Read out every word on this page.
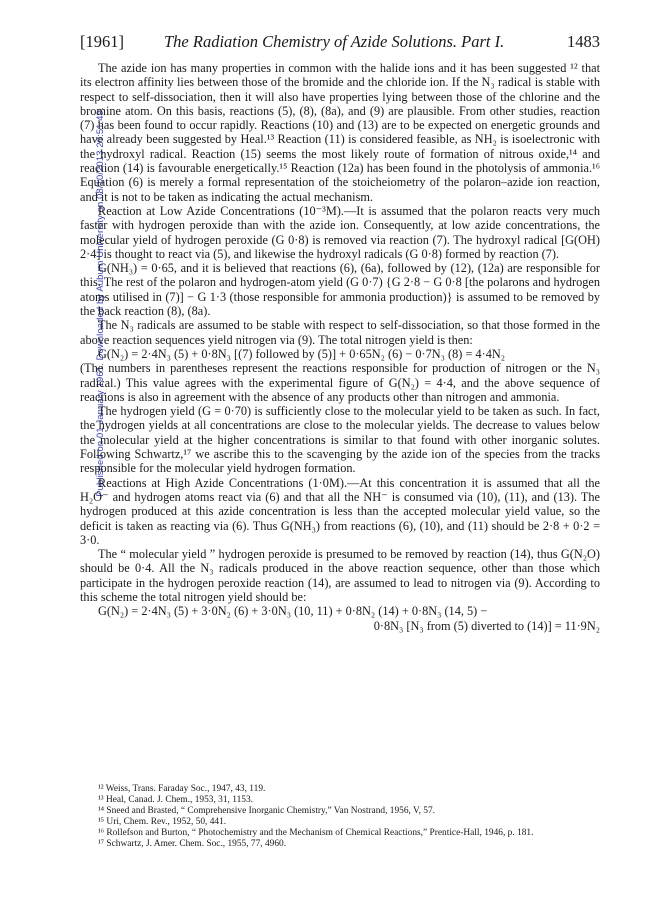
Published on 01 January 1961. Downloaded by Auburn University on 08/10/2013 20:51:49.
[1961] The Radiation Chemistry of Azide Solutions. Part I.	1483

The azide ion has many properties in common with the halide ions and it has been suggested ¹² that its electron affinity lies between those of the bromide and the chloride ion. If the N₃ radical is stable with respect to self-dissociation, then it will also have properties lying between those of the chlorine and the bromine atom. On this basis, reactions (5), (8), (8a), and (9) are plausible. From other studies, reaction (7) has been found to occur rapidly. Reactions (10) and (13) are to be expected on energetic grounds and have already been suggested by Heal.¹³ Reaction (11) is considered feasible, as NH₂ is isoelectronic with the hydroxyl radical. Reaction (15) seems the most likely route of formation of nitrous oxide,¹⁴ and reaction (14) is favourable energetically.¹⁵ Reaction (12a) has been found in the photolysis of ammonia.¹⁶ Equation (6) is merely a formal representation of the stoicheiometry of the polaron–azide ion reaction, and it is not to be taken as indicating the actual mechanism.

Reaction at Low Azide Concentrations (10⁻³M).—It is assumed that the polaron reacts very much faster with hydrogen peroxide than with the azide ion. Consequently, at low azide concentrations, the molecular yield of hydrogen peroxide (G 0·8) is removed via reaction (7). The hydroxyl radical [G(OH) 2·4] is thought to react via (5), and likewise the hydroxyl radicals (G 0·8) formed by reaction (7).

G(NH₃) = 0·65, and it is believed that reactions (6), (6a), followed by (12), (12a) are responsible for this. The rest of the polaron and hydrogen-atom yield (G 0·7) {G 2·8 − G 0·8 [the polarons and hydrogen atoms utilised in (7)] − G 1·3 (those responsible for ammonia production)} is assumed to be removed by the back reaction (8), (8a).

The N₃ radicals are assumed to be stable with respect to self-dissociation, so that those formed in the above reaction sequences yield nitrogen via (9). The total nitrogen yield is then:

G(N₂) = 2·4N₃ (5) + 0·8N₃ [(7) followed by (5)] + 0·65N₂ (6) − 0·7N₃ (8) = 4·4N₂

(The numbers in parentheses represent the reactions responsible for production of nitrogen or the N₃ radical.) This value agrees with the experimental figure of G(N₂) = 4·4, and the above sequence of reactions is also in agreement with the absence of any products other than nitrogen and ammonia.

The hydrogen yield (G = 0·70) is sufficiently close to the molecular yield to be taken as such. In fact, the hydrogen yields at all concentrations are close to the molecular yields. The decrease to values below the molecular yield at the higher concentrations is similar to that found with other inorganic solutes. Following Schwartz,¹⁷ we ascribe this to the scavenging by the azide ion of the species from the tracks responsible for the molecular yield hydrogen formation.

Reactions at High Azide Concentrations (1·0M).—At this concentration it is assumed that all the H₂O⁻ and hydrogen atoms react via (6) and that all the NH⁻ is consumed via (10), (11), and (13). The hydrogen produced at this azide concentration is less than the accepted molecular yield value, so the deficit is taken as reacting via (6). Thus G(NH₃) from reactions (6), (10), and (11) should be 2·8 + 0·2 = 3·0.

The “ molecular yield ” hydrogen peroxide is presumed to be removed by reaction (14), thus G(N₂O) should be 0·4. All the N₃ radicals produced in the above reaction sequence, other than those which participate in the hydrogen peroxide reaction (14), are assumed to lead to nitrogen via (9). According to this scheme the total nitrogen yield should be:

G(N₂) = 2·4N₃ (5) + 3·0N₂ (6) + 3·0N₃ (10, 11) + 0·8N₂ (14) + 0·8N₃ (14, 5) −

0·8N₃ [N₃ from (5) diverted to (14)] = 11·9N₂

¹² Weiss, Trans. Faraday Soc., 1947, 43, 119.
¹³ Heal, Canad. J. Chem., 1953, 31, 1153.
¹⁴ Sneed and Brasted, “ Comprehensive Inorganic Chemistry,” Van Nostrand, 1956, V, 57.
¹⁵ Uri, Chem. Rev., 1952, 50, 441.
¹⁶ Rollefson and Burton, “ Photochemistry and the Mechanism of Chemical Reactions,” Prentice-Hall, 1946, p. 181.
¹⁷ Schwartz, J. Amer. Chem. Soc., 1955, 77, 4960.
